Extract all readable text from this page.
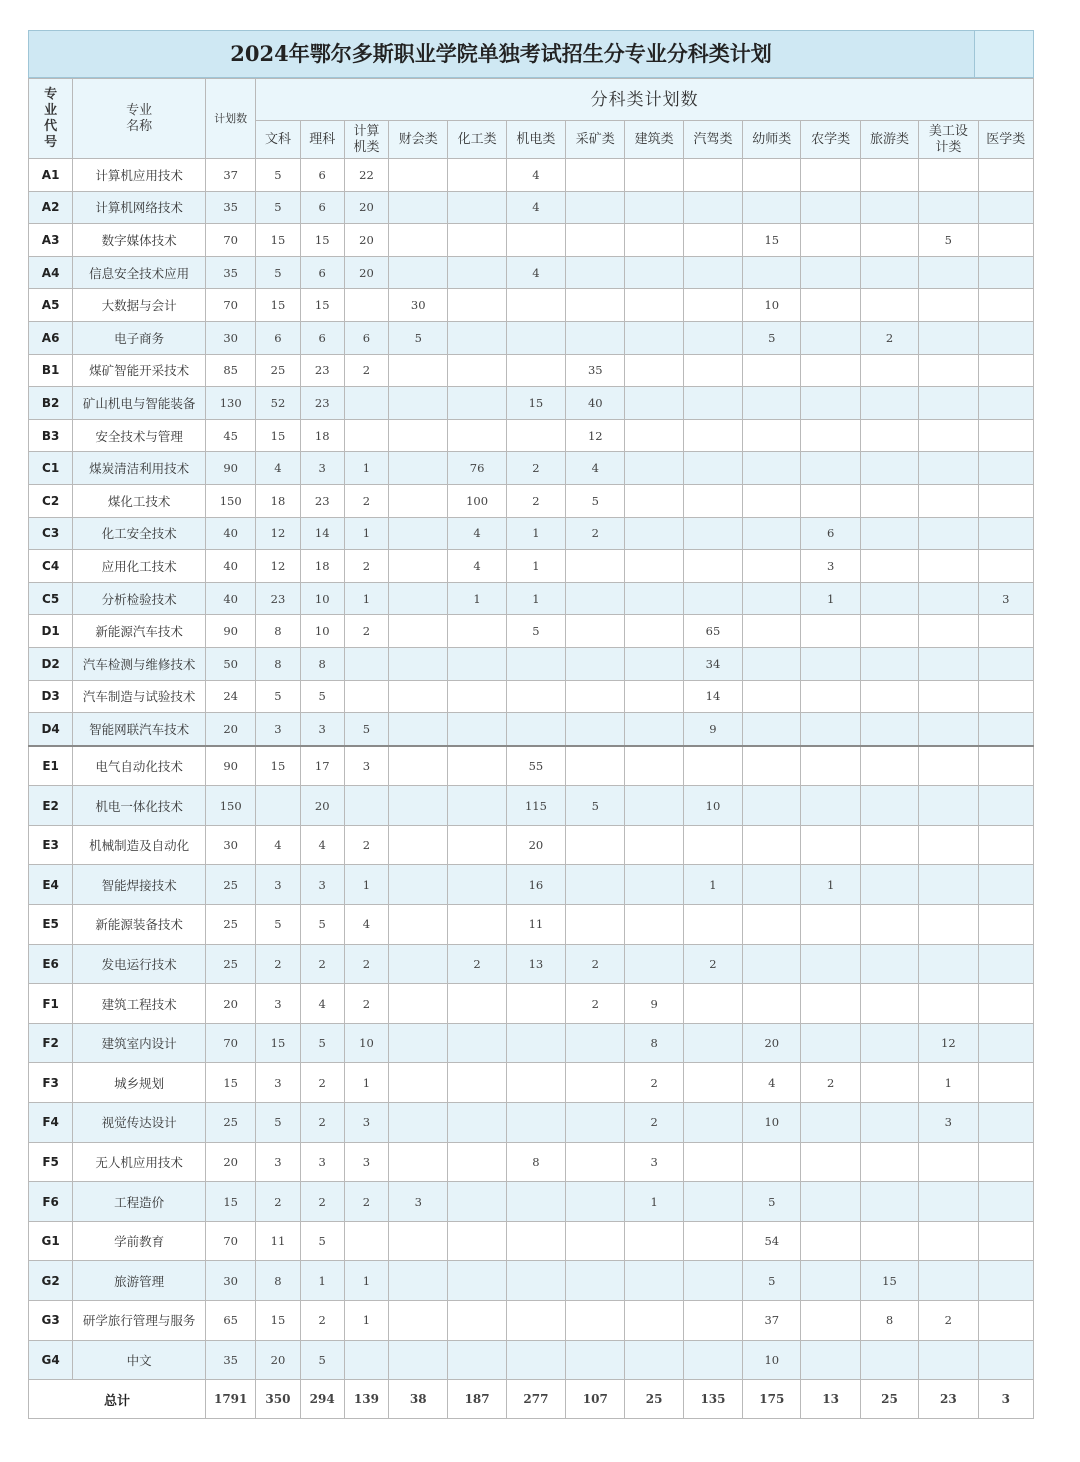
2024年鄂尔多斯职业学院单独考试招生分专业分科类计划
专业代号	专业名称	计划数	分科类计划数													
			文科	理科	计算机类	财会类	化工类	机电类	采矿类	建筑类	汽驾类	幼师类	农学类	旅游类	美工设计类	医学类
A1	计算机应用技术	37	5	6	22			4								
A2	计算机网络技术	35	5	6	20			4								
A3	数字媒体技术	70	15	15	20							15			5	
A4	信息安全技术应用	35	5	6	20			4								
A5	大数据与会计	70	15	15		30						10				
A6	电子商务	30	6	6	6	5						5		2		
B1	煤矿智能开采技术	85	25	23	2				35							
B2	矿山机电与智能装备	130	52	23				15	40							
B3	安全技术与管理	45	15	18					12							
C1	煤炭清洁利用技术	90	4	3	1		76	2	4							
C2	煤化工技术	150	18	23	2		100	2	5							
C3	化工安全技术	40	12	14	1		4	1	2				6			
C4	应用化工技术	40	12	18	2		4	1					3			
C5	分析检验技术	40	23	10	1		1	1					1			3
D1	新能源汽车技术	90	8	10	2			5			65					
D2	汽车检测与维修技术	50	8	8							34					
D3	汽车制造与试验技术	24	5	5							14					
D4	智能网联汽车技术	20	3	3	5						9					
E1	电气自动化技术	90	15	17	3			55								
E2	机电一体化技术	150		20				115	5		10					
E3	机械制造及自动化	30	4	4	2			20								
E4	智能焊接技术	25	3	3	1			16			1		1			
E5	新能源装备技术	25	5	5	4			11								
E6	发电运行技术	25	2	2	2		2	13	2		2					
F1	建筑工程技术	20	3	4	2				2	9						
F2	建筑室内设计	70	15	5	10					8		20			12	
F3	城乡规划	15	3	2	1					2		4	2		1	
F4	视觉传达设计	25	5	2	3					2		10			3	
F5	无人机应用技术	20	3	3	3			8		3						
F6	工程造价	15	2	2	2	3				1		5				
G1	学前教育	70	11	5								54				
G2	旅游管理	30	8	1	1							5		15		
G3	研学旅行管理与服务	65	15	2	1							37		8	2	
G4	中文	35	20	5								10				
总计		1791	350	294	139	38	187	277	107	25	135	175	13	25	23	3
